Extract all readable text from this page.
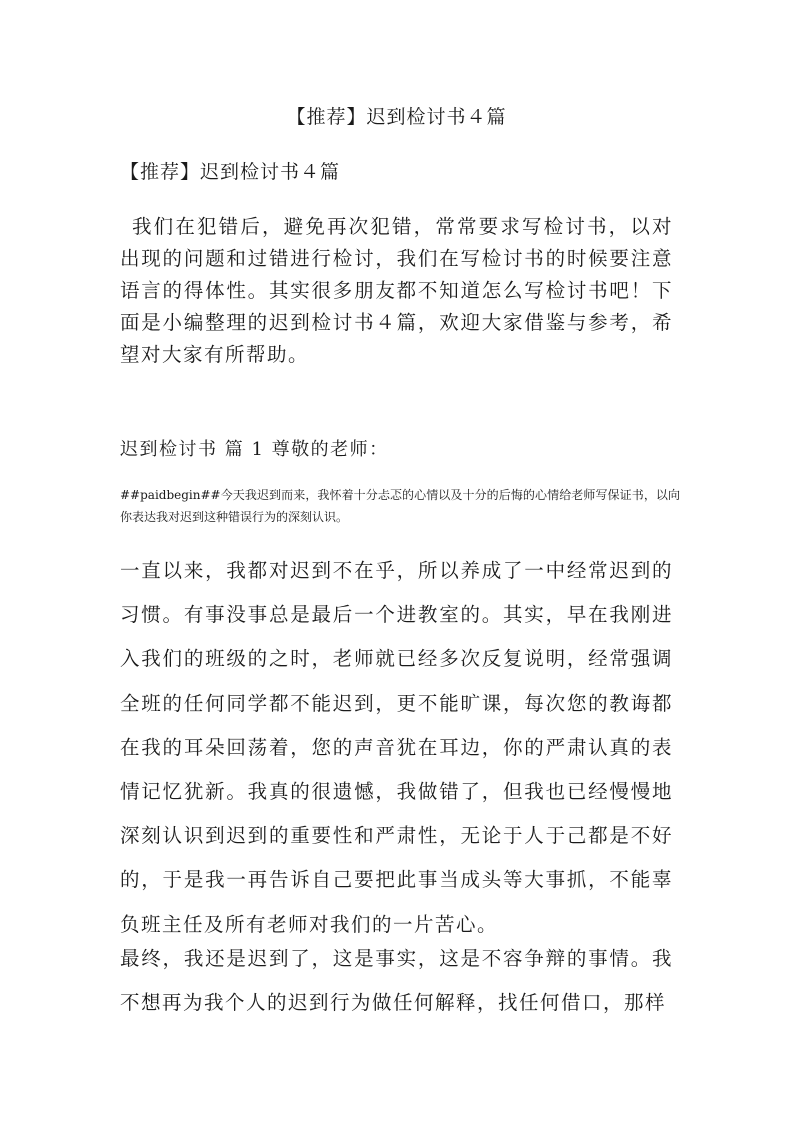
【推荐】迟到检讨书４篇
【推荐】迟到检讨书４篇

我们在犯错后，避免再次犯错，常常要求写检讨书，以对出现的问题和过错进行检讨，我们在写检讨书的时候要注意语言的得体性。其实很多朋友都不知道怎么写检讨书吧！下面是小编整理的迟到检讨书４篇，欢迎大家借鉴与参考，希望对大家有所帮助。

迟到检讨书 篇 1 尊敬的老师：

##paidbegin##今天我迟到而来，我怀着十分忐忑的心情以及十分的后悔的心情给老师写保证书，以向你表达我对迟到这种错误行为的深刻认识。

一直以来，我都对迟到不在乎，所以养成了一中经常迟到的习惯。有事没事总是最后一个进教室的。其实，早在我刚进入我们的班级的之时，老师就已经多次反复说明，经常强调全班的任何同学都不能迟到，更不能旷课，每次您的教诲都在我的耳朵回荡着，您的声音犹在耳边，你的严肃认真的表情记忆犹新。我真的很遗憾，我做错了，但我也已经慢慢地深刻认识到迟到的重要性和严肃性，无论于人于己都是不好的，于是我一再告诉自己要把此事当成头等大事抓，不能辜负班主任及所有老师对我们的一片苦心。

最终，我还是迟到了，这是事实，这是不容争辩的事情。我不想再为我个人的迟到行为做任何解释，找任何借口，那样
